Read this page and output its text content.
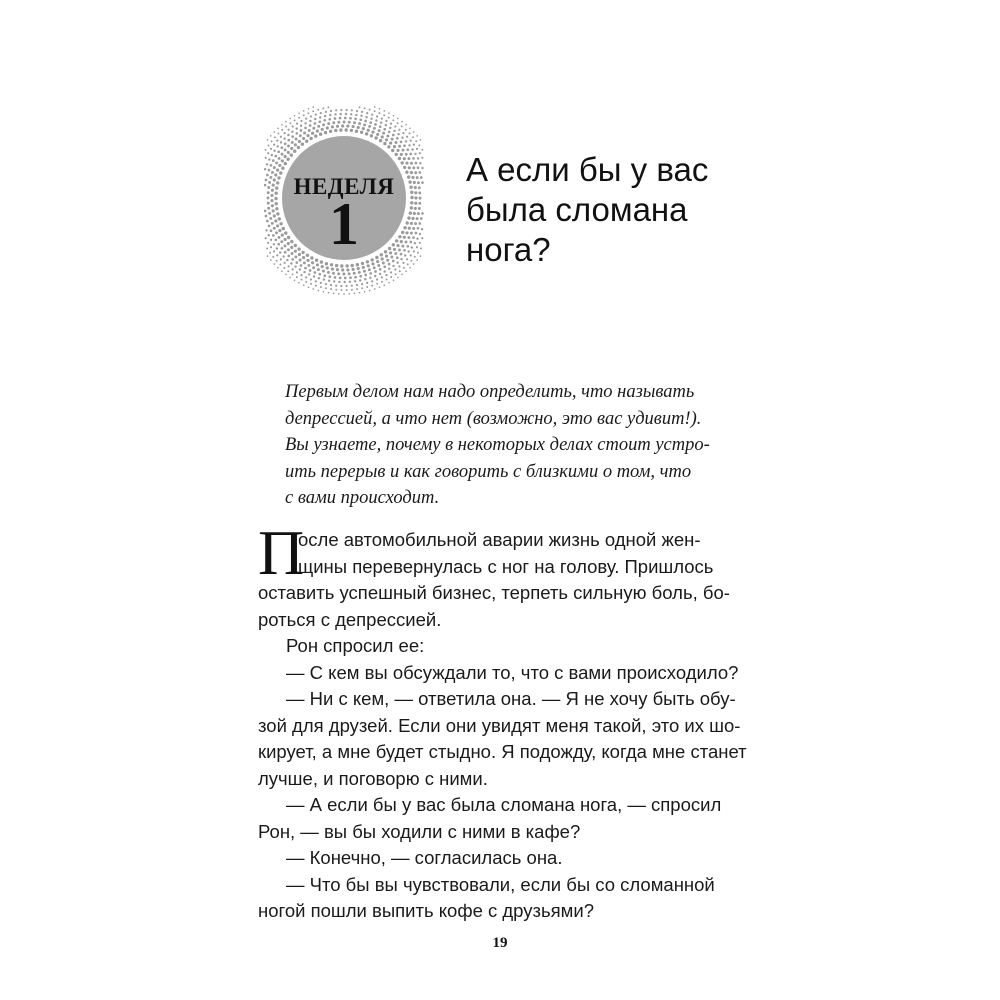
НЕДЕЛЯ
1
А если бы у вас
была сломана
нога?
Первым делом нам надо определить, что называть
депрессией, а что нет (возможно, это вас удивит!).
Вы узнаете, почему в некоторых делах стоит устро-
ить перерыв и как говорить с близкими о том, что
с вами происходит.
П
осле автомобильной аварии жизнь одной жен-
щины перевернулась с ног на голову. Пришлось
оставить успешный бизнес, терпеть сильную боль, бо-
роться с депрессией.
Рон спросил ее:
— С кем вы обсуждали то, что с вами происходило?
— Ни с кем, — ответила она. — Я не хочу быть обу-
зой для друзей. Если они увидят меня такой, это их шо-
кирует, а мне будет стыдно. Я подожду, когда мне станет
лучше, и поговорю с ними.
— А если бы у вас была сломана нога, — спросил
Рон, — вы бы ходили с ними в кафе?
— Конечно, — согласилась она.
— Что бы вы чувствовали, если бы со сломанной
ногой пошли выпить кофе с друзьями?
19
